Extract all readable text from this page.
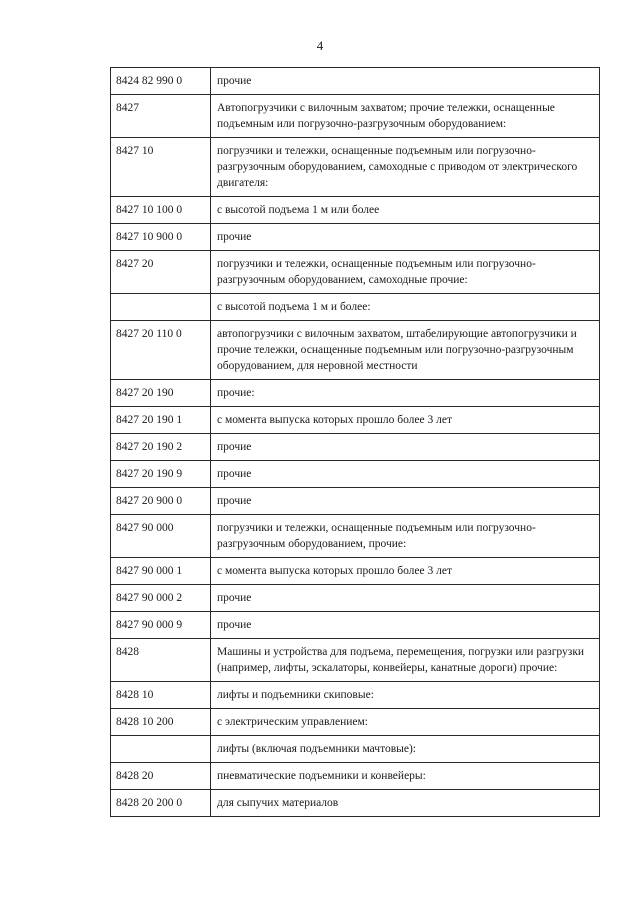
4
8424 82 990 0	прочие
8427	Автопогрузчики с вилочным захватом; прочие тележки, оснащенные подъемным или погрузочно-разгрузочным оборудованием:
8427 10	погрузчики и тележки, оснащенные подъемным или погрузочно-разгрузочным оборудованием, самоходные с приводом от электрического двигателя:
8427 10 100 0	с высотой подъема 1 м или более
8427 10 900 0	прочие
8427 20	погрузчики и тележки, оснащенные подъемным или погрузочно-разгрузочным оборудованием, самоходные прочие:
	с высотой подъема 1 м и более:
8427 20 110 0	автопогрузчики с вилочным захватом, штабелирующие автопогрузчики и прочие тележки, оснащенные подъемным или погрузочно-разгрузочным оборудованием, для неровной местности
8427 20 190	прочие:
8427 20 190 1	с момента выпуска которых прошло более 3 лет
8427 20 190 2	прочие
8427 20 190 9	прочие
8427 20 900 0	прочие
8427 90 000	погрузчики и тележки, оснащенные подъемным или погрузочно-разгрузочным оборудованием, прочие:
8427 90 000 1	с момента выпуска которых прошло более 3 лет
8427 90 000 2	прочие
8427 90 000 9	прочие
8428	Машины и устройства для подъема, перемещения, погрузки или разгрузки (например, лифты, эскалаторы, конвейеры, канатные дороги) прочие:
8428 10	лифты и подъемники скиповые:
8428 10 200	с электрическим управлением:
	лифты (включая подъемники мачтовые):
8428 20	пневматические подъемники и конвейеры:
8428 20 200 0	для сыпучих материалов
